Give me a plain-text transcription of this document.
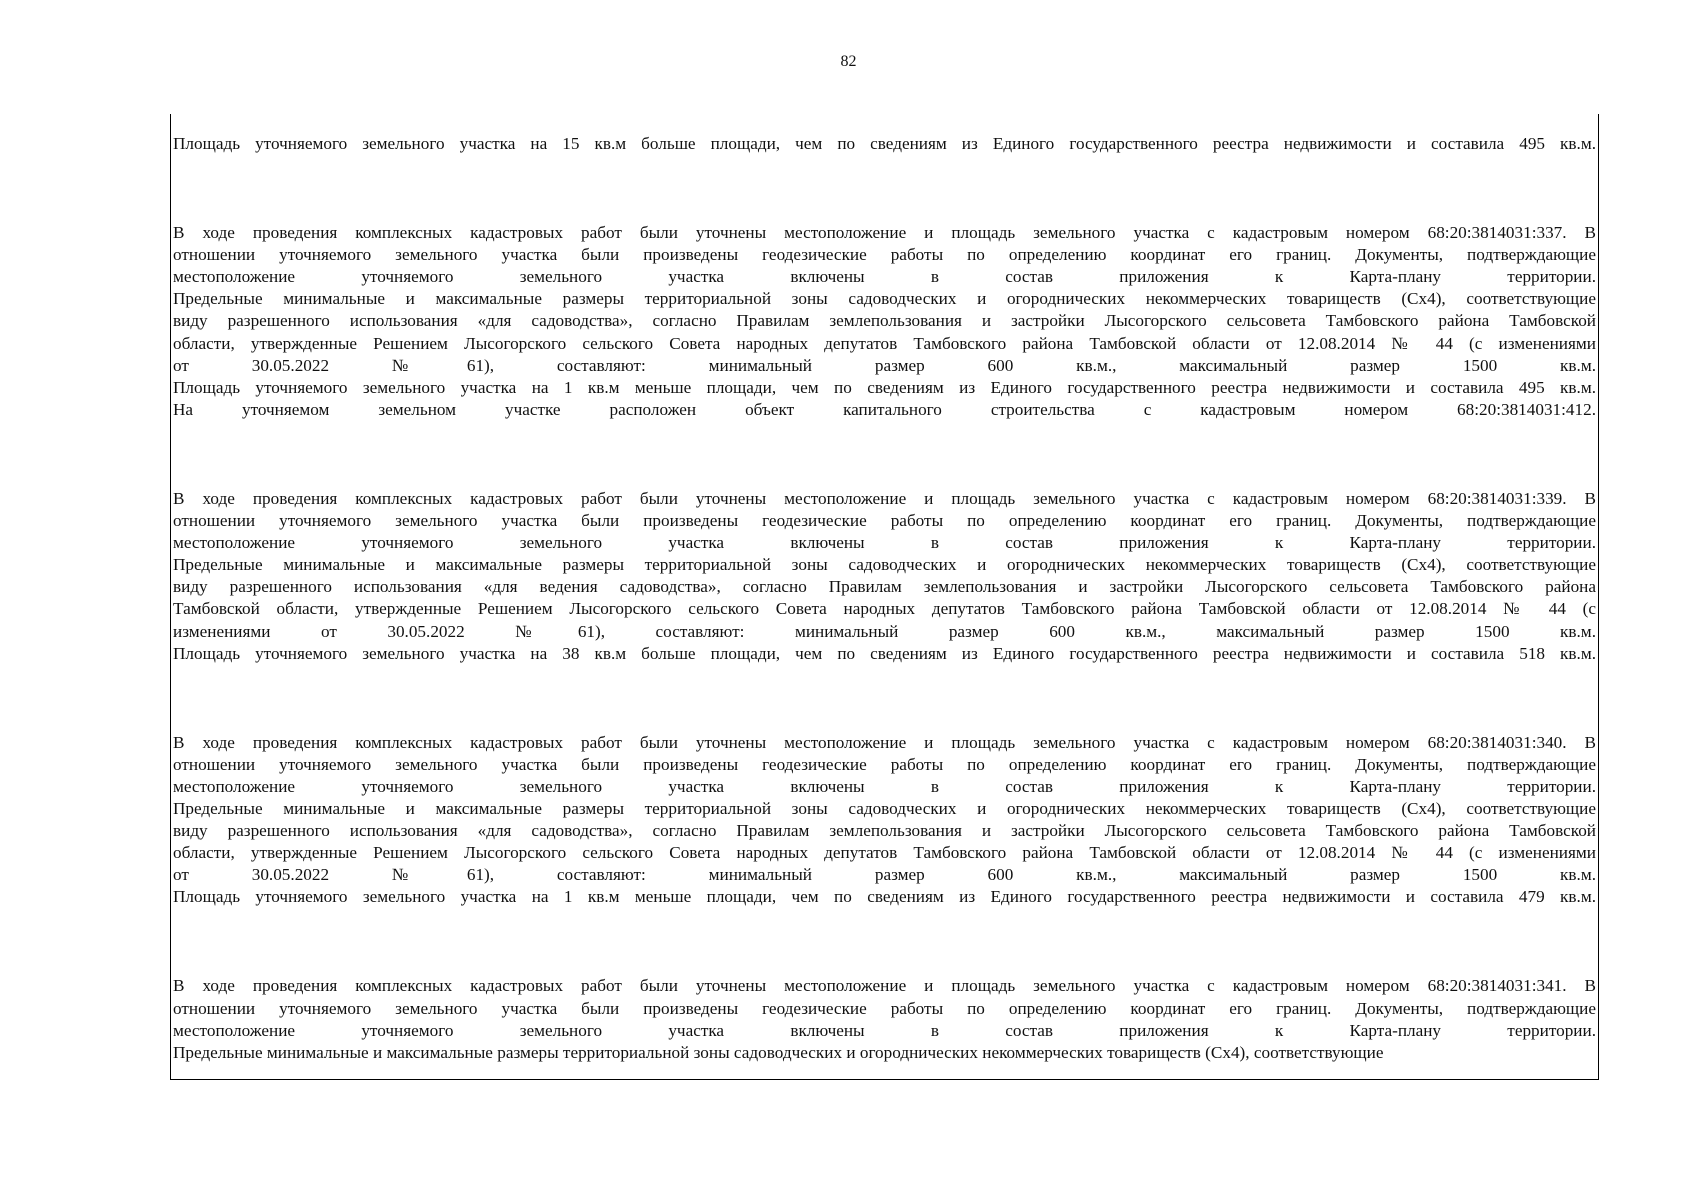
82
Площадь уточняемого земельного участка на 15 кв.м больше площади, чем по сведениям из Единого государственного реестра недвижимости и составила 495 кв.м.
В ходе проведения комплексных кадастровых работ были уточнены местоположение и площадь земельного участка с кадастровым номером 68:20:3814031:337. В
отношении уточняемого земельного участка были произведены геодезические работы по определению координат его границ. Документы, подтверждающие
местоположение уточняемого земельного участка включены в состав приложения к Карта-плану территории.
Предельные минимальные и максимальные размеры территориальной зоны садоводческих и огороднических некоммерческих товариществ (Сх4), соответствующие
виду разрешенного использования «для садоводства», согласно Правилам землепользования и застройки Лысогорского сельсовета Тамбовского района Тамбовской
области, утвержденные Решением Лысогорского сельского Совета народных депутатов Тамбовского района Тамбовской области от 12.08.2014 № 44 (с изменениями
от 30.05.2022 №61), составляют: минимальный размер 600 кв.м., максимальный размер 1500 кв.м.
Площадь уточняемого земельного участка на 1 кв.м меньше площади, чем по сведениям из Единого государственного реестра недвижимости и составила 495 кв.м.
На уточняемом земельном участке расположен объект капитального строительства с кадастровым номером 68:20:3814031:412.
В ходе проведения комплексных кадастровых работ были уточнены местоположение и площадь земельного участка с кадастровым номером 68:20:3814031:339. В
отношении уточняемого земельного участка были произведены геодезические работы по определению координат его границ. Документы, подтверждающие
местоположение уточняемого земельного участка включены в состав приложения к Карта-плану территории.
Предельные минимальные и максимальные размеры территориальной зоны садоводческих и огороднических некоммерческих товариществ (Сх4), соответствующие
виду разрешенного использования «для ведения садоводства», согласно Правилам землепользования и застройки Лысогорского сельсовета Тамбовского района
Тамбовской области, утвержденные Решением Лысогорского сельского Совета народных депутатов Тамбовского района Тамбовской области от 12.08.2014 № 44 (с
изменениями от 30.05.2022 №61), составляют: минимальный размер 600 кв.м., максимальный размер 1500 кв.м.
Площадь уточняемого земельного участка на 38 кв.м больше площади, чем по сведениям из Единого государственного реестра недвижимости и составила 518 кв.м.
В ходе проведения комплексных кадастровых работ были уточнены местоположение и площадь земельного участка с кадастровым номером 68:20:3814031:340. В
отношении уточняемого земельного участка были произведены геодезические работы по определению координат его границ. Документы, подтверждающие
местоположение уточняемого земельного участка включены в состав приложения к Карта-плану территории.
Предельные минимальные и максимальные размеры территориальной зоны садоводческих и огороднических некоммерческих товариществ (Сх4), соответствующие
виду разрешенного использования «для садоводства», согласно Правилам землепользования и застройки Лысогорского сельсовета Тамбовского района Тамбовской
области, утвержденные Решением Лысогорского сельского Совета народных депутатов Тамбовского района Тамбовской области от 12.08.2014 № 44 (с изменениями
от 30.05.2022 №61), составляют: минимальный размер 600 кв.м., максимальный размер 1500 кв.м.
Площадь уточняемого земельного участка на 1 кв.м меньше площади, чем по сведениям из Единого государственного реестра недвижимости и составила 479 кв.м.
В ходе проведения комплексных кадастровых работ были уточнены местоположение и площадь земельного участка с кадастровым номером 68:20:3814031:341. В
отношении уточняемого земельного участка были произведены геодезические работы по определению координат его границ. Документы, подтверждающие
местоположение уточняемого земельного участка включены в состав приложения к Карта-плану территории.
Предельные минимальные и максимальные размеры территориальной зоны садоводческих и огороднических некоммерческих товариществ (Сх4), соответствующие
